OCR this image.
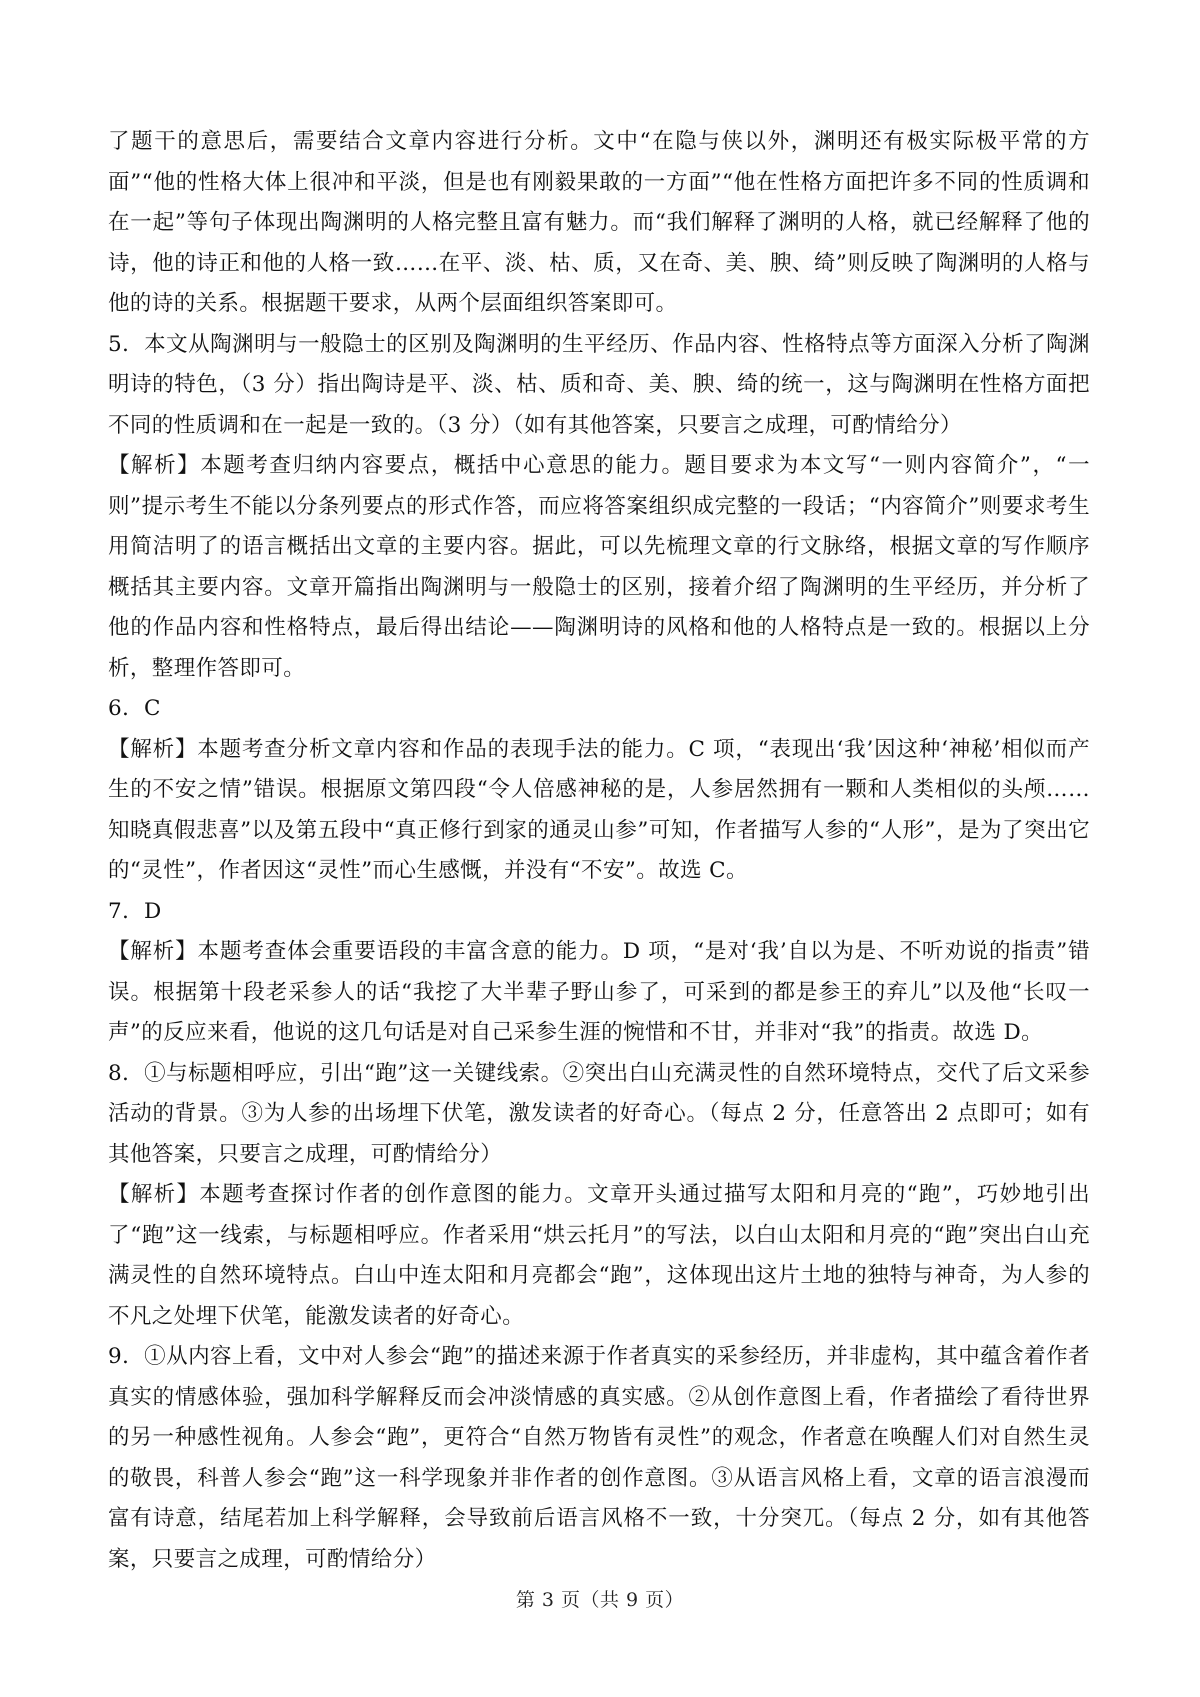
了题干的意思后，需要结合文章内容进行分析。文中“在隐与侠以外，渊明还有极实际极平常的方面”“他的性格大体上很冲和平淡，但是也有刚毅果敢的一方面”“他在性格方面把许多不同的性质调和在一起”等句子体现出陶渊明的人格完整且富有魅力。而“我们解释了渊明的人格，就已经解释了他的诗，他的诗正和他的人格一致……在平、淡、枯、质，又在奇、美、腴、绮”则反映了陶渊明的人格与他的诗的关系。根据题干要求，从两个层面组织答案即可。

5．本文从陶渊明与一般隐士的区别及陶渊明的生平经历、作品内容、性格特点等方面深入分析了陶渊明诗的特色，（3 分）指出陶诗是平、淡、枯、质和奇、美、腴、绮的统一，这与陶渊明在性格方面把不同的性质调和在一起是一致的。（3 分）（如有其他答案，只要言之成理，可酌情给分）

【解析】本题考查归纳内容要点，概括中心意思的能力。题目要求为本文写“一则内容简介”，“一则”提示考生不能以分条列要点的形式作答，而应将答案组织成完整的一段话；“内容简介”则要求考生用简洁明了的语言概括出文章的主要内容。据此，可以先梳理文章的行文脉络，根据文章的写作顺序概括其主要内容。文章开篇指出陶渊明与一般隐士的区别，接着介绍了陶渊明的生平经历，并分析了他的作品内容和性格特点，最后得出结论——陶渊明诗的风格和他的人格特点是一致的。根据以上分析，整理作答即可。

6．C

【解析】本题考查分析文章内容和作品的表现手法的能力。C 项，“表现出‘我’因这种‘神秘’相似而产生的不安之情”错误。根据原文第四段“令人倍感神秘的是，人参居然拥有一颗和人类相似的头颅……知晓真假悲喜”以及第五段中“真正修行到家的通灵山参”可知，作者描写人参的“人形”，是为了突出它的“灵性”，作者因这“灵性”而心生感慨，并没有“不安”。故选 C。

7．D

【解析】本题考查体会重要语段的丰富含意的能力。D 项，“是对‘我’自以为是、不听劝说的指责”错误。根据第十段老采参人的话“我挖了大半辈子野山参了，可采到的都是参王的弃儿”以及他“长叹一声”的反应来看，他说的这几句话是对自己采参生涯的惋惜和不甘，并非对“我”的指责。故选 D。

8．①与标题相呼应，引出“跑”这一关键线索。②突出白山充满灵性的自然环境特点，交代了后文采参活动的背景。③为人参的出场埋下伏笔，激发读者的好奇心。（每点 2 分，任意答出 2 点即可；如有其他答案，只要言之成理，可酌情给分）

【解析】本题考查探讨作者的创作意图的能力。文章开头通过描写太阳和月亮的“跑”，巧妙地引出了“跑”这一线索，与标题相呼应。作者采用“烘云托月”的写法，以白山太阳和月亮的“跑”突出白山充满灵性的自然环境特点。白山中连太阳和月亮都会“跑”，这体现出这片土地的独特与神奇，为人参的不凡之处埋下伏笔，能激发读者的好奇心。

9．①从内容上看，文中对人参会“跑”的描述来源于作者真实的采参经历，并非虚构，其中蕴含着作者真实的情感体验，强加科学解释反而会冲淡情感的真实感。②从创作意图上看，作者描绘了看待世界的另一种感性视角。人参会“跑”，更符合“自然万物皆有灵性”的观念，作者意在唤醒人们对自然生灵的敬畏，科普人参会“跑”这一科学现象并非作者的创作意图。③从语言风格上看，文章的语言浪漫而富有诗意，结尾若加上科学解释，会导致前后语言风格不一致，十分突兀。（每点 2 分，如有其他答案，只要言之成理，可酌情给分）

第 3 页（共 9 页）
